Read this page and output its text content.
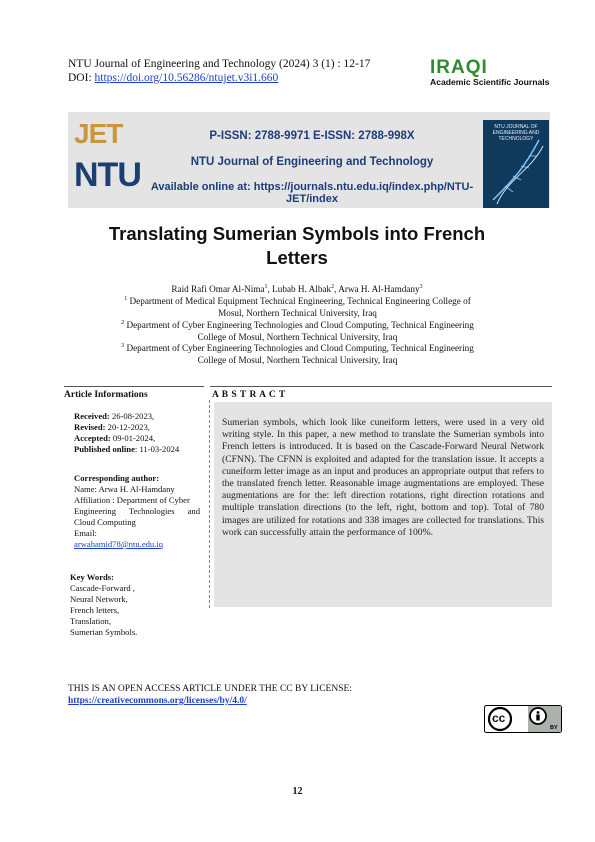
NTU Journal of Engineering and Technology (2024) 3 (1) : 12-17
DOI: https://doi.org/10.56286/ntujet.v3i1.660	IRAQI
Academic Scientific Journals
JET
NTU
P-ISSN: 2788-9971 E-ISSN: 2788-998X
NTU Journal of Engineering and Technology
Available online at: https://journals.ntu.edu.iq/index.php/NTU-JET/index
NTU JOURNAL OF ENGINEERING AND TECHNOLOGY
Translating Sumerian Symbols into French
Letters
Raid Rafi Omar Al-Nima$^1$, Lubab H. Albak$^2$, Arwa H. Al-Hamdany$^3$
$^1$ Department of Medical Equipment Technical Engineering, Technical Engineering College of
Mosul, Northern Technical University, Iraq
$^2$ Department of Cyber Engineering Technologies and Cloud Computing, Technical Engineering
College of Mosul, Northern Technical University, Iraq
$^3$ Department of Cyber Engineering Technologies and Cloud Computing, Technical Engineering
College of Mosul, Northern Technical University, Iraq
Article Informations	A B S T R A C T
Received: 26-08-2023,
Revised: 20-12-2023,
Accepted: 09-01-2024,
Published online: 11-03-2024
Corresponding author:
Name: Arwa H. Al-Hamdany
Affiliation : Department of Cyber
Engineering Technologies and
Cloud Computing
Email:
arwahamid78@ntu.edu.iq
Key Words:
Cascade-Forward ,
Neural Network,
French letters,
Translation,
Sumerian Symbols.
Sumerian symbols, which look like cuneiform letters, were used in a very old writing style. In this paper, a new method to translate the Sumerian symbols into French letters is introduced. It is based on the Cascade-Forward Neural Network (CFNN). The CFNN is exploited and adapted for the translation issue. It accepts a cuneiform letter image as an input and produces an appropriate output that refers to the translated french letter. Reasonable image augmentations are employed. These augmentations are for the: left direction rotations, right direction rotations and multiple translation directions (to the left, right, bottom and top). Total of 780 images are utilized for rotations and 338 images are collected for translations. This work can successfully attain the performance of 100%.
THIS IS AN OPEN ACCESS ARTICLE UNDER THE CC BY LICENSE:
https://creativecommons.org/licenses/by/4.0/
cc
BY
12
